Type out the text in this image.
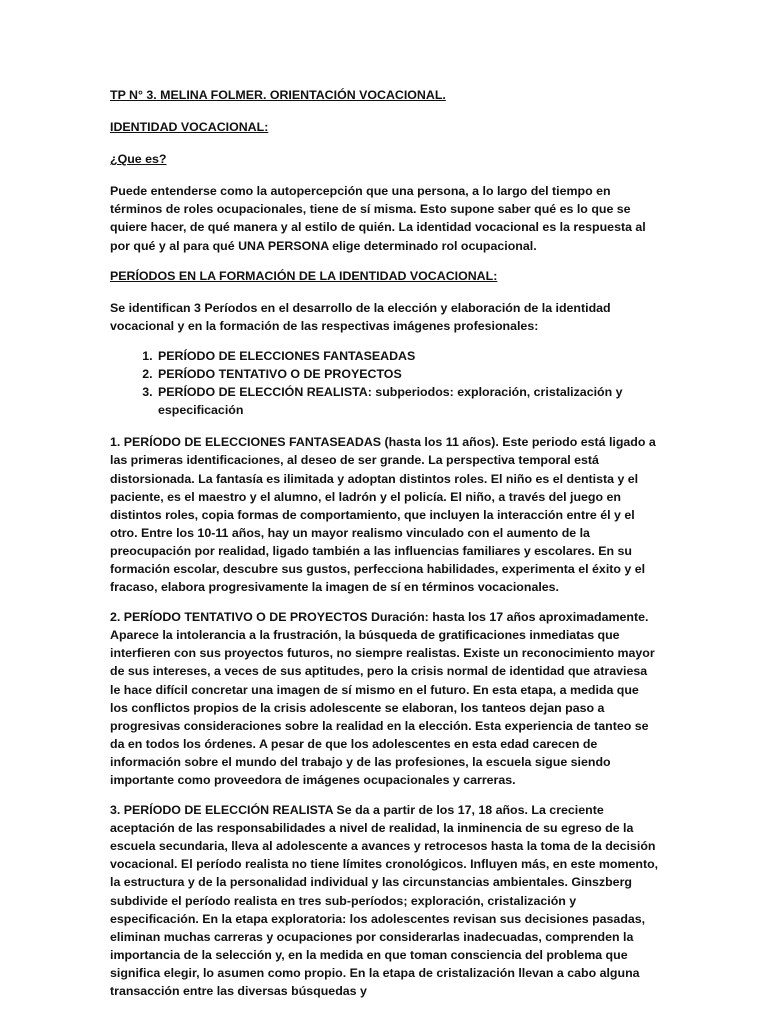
TP N° 3. MELINA FOLMER. ORIENTACIÓN VOCACIONAL.
IDENTIDAD VOCACIONAL:
¿Que es?

Puede entenderse como la autopercepción que una persona, a lo largo del tiempo en términos de roles ocupacionales, tiene de sí misma. Esto supone saber qué es lo que se quiere hacer, de qué manera y al estilo de quién. La identidad vocacional es la respuesta al por qué y al para qué UNA PERSONA elige determinado rol ocupacional.

PERÍODOS EN LA FORMACIÓN DE LA IDENTIDAD VOCACIONAL:

Se identifican 3 Períodos en el desarrollo de la elección y elaboración de la identidad vocacional y en la formación de las respectivas imágenes profesionales:

1. PERÍODO DE ELECCIONES FANTASEADAS
2. PERÍODO TENTATIVO O DE PROYECTOS
3. PERÍODO DE ELECCIÓN REALISTA: subperiodos: exploración, cristalización y especificación

1. PERÍODO DE ELECCIONES FANTASEADAS (hasta los 11 años). Este periodo está ligado a las primeras identificaciones, al deseo de ser grande. La perspectiva temporal está distorsionada. La fantasía es ilimitada y adoptan distintos roles. El niño es el dentista y el paciente, es el maestro y el alumno, el ladrón y el policía. El niño, a través del juego en distintos roles, copia formas de comportamiento, que incluyen la interacción entre él y el otro. Entre los 10-11 años, hay un mayor realismo vinculado con el aumento de la preocupación por realidad, ligado también a las influencias familiares y escolares. En su formación escolar, descubre sus gustos, perfecciona habilidades, experimenta el éxito y el fracaso, elabora progresivamente la imagen de sí en términos vocacionales.

2. PERÍODO TENTATIVO O DE PROYECTOS Duración: hasta los 17 años aproximadamente. Aparece la intolerancia a la frustración, la búsqueda de gratificaciones inmediatas que interfieren con sus proyectos futuros, no siempre realistas. Existe un reconocimiento mayor de sus intereses, a veces de sus aptitudes, pero la crisis normal de identidad que atraviesa le hace difícil concretar una imagen de sí mismo en el futuro. En esta etapa, a medida que los conflictos propios de la crisis adolescente se elaboran, los tanteos dejan paso a progresivas consideraciones sobre la realidad en la elección. Esta experiencia de tanteo se da en todos los órdenes. A pesar de que los adolescentes en esta edad carecen de información sobre el mundo del trabajo y de las profesiones, la escuela sigue siendo importante como proveedora de imágenes ocupacionales y carreras.

3. PERÍODO DE ELECCIÓN REALISTA Se da a partir de los 17, 18 años. La creciente aceptación de las responsabilidades a nivel de realidad, la inminencia de su egreso de la escuela secundaria, lleva al adolescente a avances y retrocesos hasta la toma de la decisión vocacional. El período realista no tiene límites cronológicos. Influyen más, en este momento, la estructura y de la personalidad individual y las circunstancias ambientales. Ginszberg subdivide el período realista en tres sub-períodos; exploración, cristalización y especificación. En la etapa exploratoria: los adolescentes revisan sus decisiones pasadas, eliminan muchas carreras y ocupaciones por considerarlas inadecuadas, comprenden la importancia de la selección y, en la medida en que toman consciencia del problema que significa elegir, lo asumen como propio. En la etapa de cristalización llevan a cabo alguna transacción entre las diversas búsquedas y
